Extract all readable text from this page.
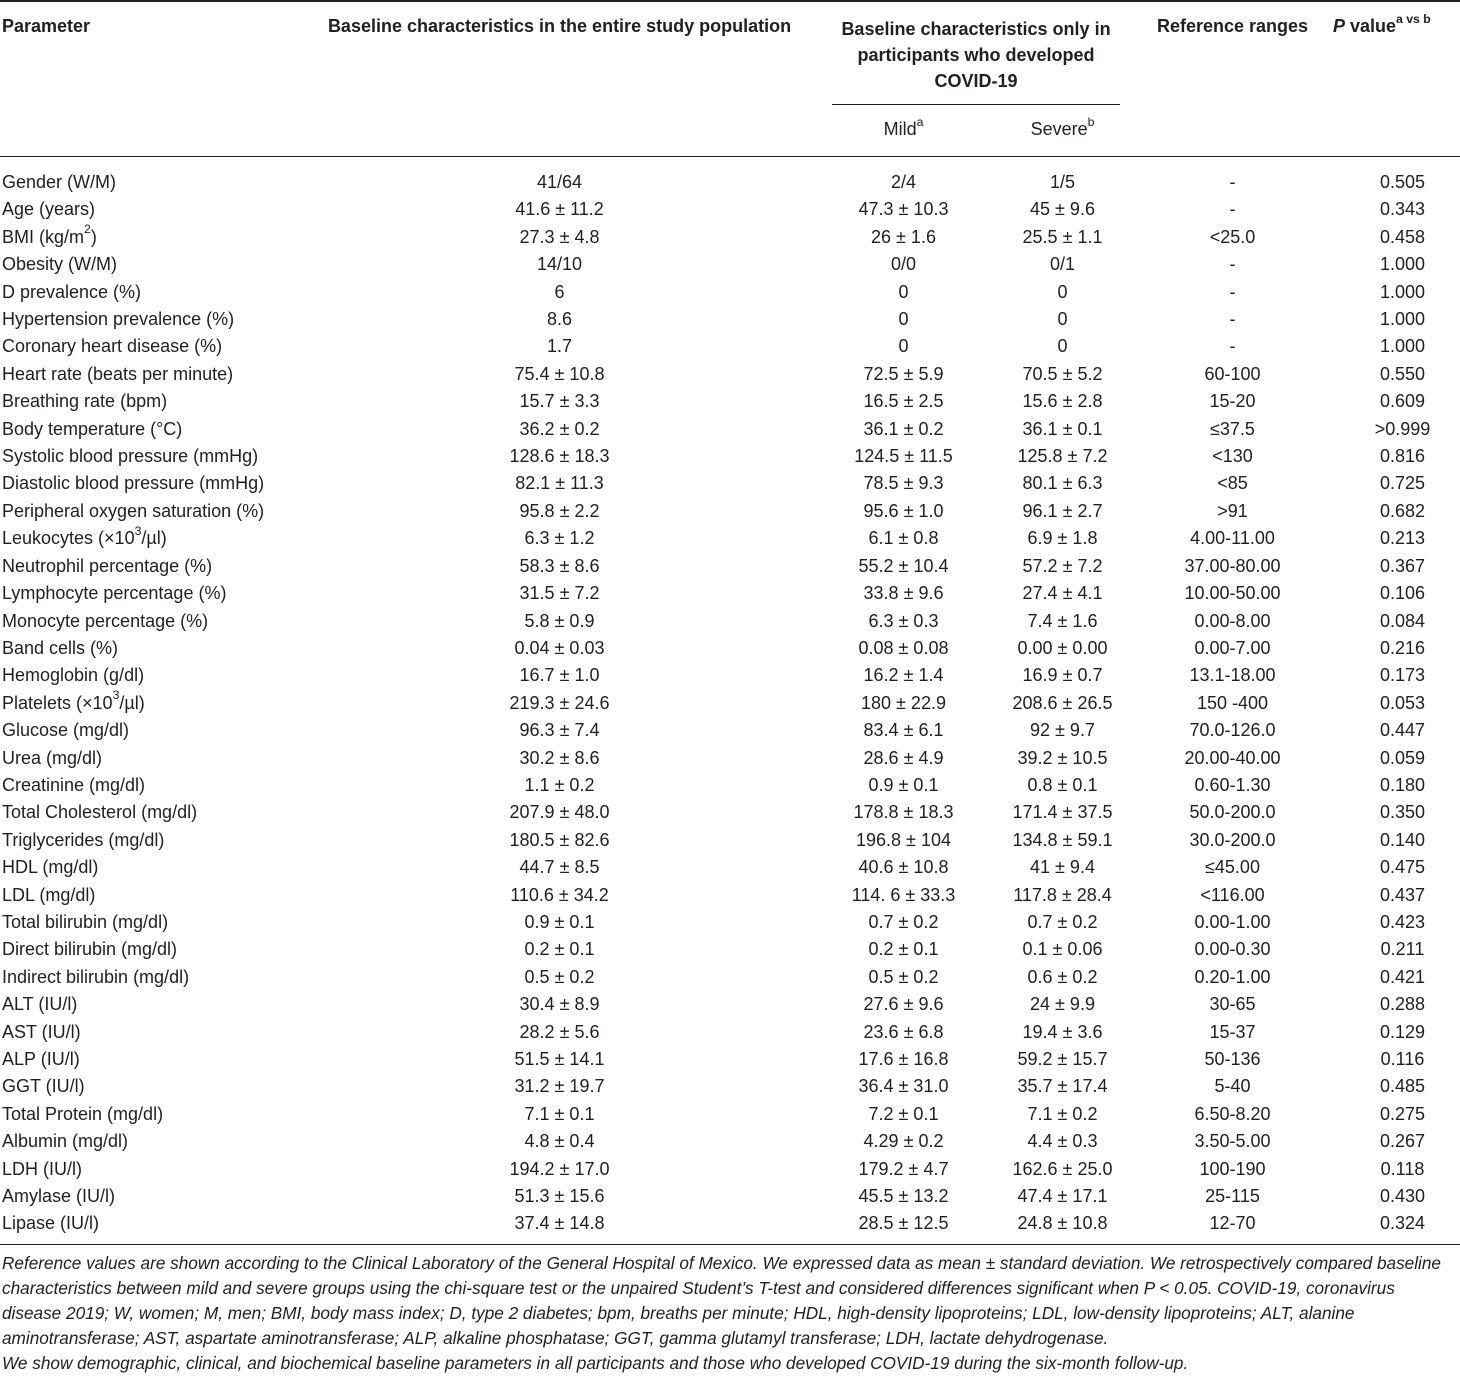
Parameter	Baseline characteristics in the entire study population	Baseline characteristics only in participants who developed COVID-19		Reference ranges	P value$^{a vs b}$
		Mild$^a$	Severe$^b$
Gender (W/M)	41/64	2/4	1/5	-	0.505
Age (years)	41.6 ± 11.2	47.3 ± 10.3	45 ± 9.6	-	0.343
BMI $(kg/m^2)$	27.3 ± 4.8	26 ± 1.6	25.5 ± 1.1	<25.0	0.458
Obesity (W/M)	14/10	0/0	0/1	-	1.000
D prevalence (%)	6	0	0	-	1.000
Hypertension prevalence (%)	8.6	0	0	-	1.000
Coronary heart disease (%)	1.7	0	0	-	1.000
Heart rate (beats per minute)	75.4 ± 10.8	72.5 ± 5.9	70.5 ± 5.2	60-100	0.550
Breathing rate (bpm)	15.7 ± 3.3	16.5 ± 2.5	15.6 ± 2.8	15-20	0.609
Body temperature (°C)	36.2 ± 0.2	36.1 ± 0.2	36.1 ± 0.1	≤37.5	>0.999
Systolic blood pressure (mmHg)	128.6 ± 18.3	124.5 ± 11.5	125.8 ± 7.2	<130	0.816
Diastolic blood pressure (mmHg)	82.1 ± 11.3	78.5 ± 9.3	80.1 ± 6.3	<85	0.725
Peripheral oxygen saturation (%)	95.8 ± 2.2	95.6 ± 1.0	96.1 ± 2.7	>91	0.682
Leukocytes $(\times 10^3/\mu l)$	6.3 ± 1.2	6.1 ± 0.8	6.9 ± 1.8	4.00-11.00	0.213
Neutrophil percentage (%)	58.3 ± 8.6	55.2 ± 10.4	57.2 ± 7.2	37.00-80.00	0.367
Lymphocyte percentage (%)	31.5 ± 7.2	33.8 ± 9.6	27.4 ± 4.1	10.00-50.00	0.106
Monocyte percentage (%)	5.8 ± 0.9	6.3 ± 0.3	7.4 ± 1.6	0.00-8.00	0.084
Band cells (%)	0.04 ± 0.03	0.08 ± 0.08	0.00 ± 0.00	0.00-7.00	0.216
Hemoglobin (g/dl)	16.7 ± 1.0	16.2 ± 1.4	16.9 ± 0.7	13.1-18.00	0.173
Platelets $(\times 10^3/\mu l)$	219.3 ± 24.6	180 ± 22.9	208.6 ± 26.5	150 -400	0.053
Glucose (mg/dl)	96.3 ± 7.4	83.4 ± 6.1	92 ± 9.7	70.0-126.0	0.447
Urea (mg/dl)	30.2 ± 8.6	28.6 ± 4.9	39.2 ± 10.5	20.00-40.00	0.059
Creatinine (mg/dl)	1.1 ± 0.2	0.9 ± 0.1	0.8 ± 0.1	0.60-1.30	0.180
Total Cholesterol (mg/dl)	207.9 ± 48.0	178.8 ± 18.3	171.4 ± 37.5	50.0-200.0	0.350
Triglycerides (mg/dl)	180.5 ± 82.6	196.8 ± 104	134.8 ± 59.1	30.0-200.0	0.140
HDL (mg/dl)	44.7 ± 8.5	40.6 ± 10.8	41 ± 9.4	≤45.00	0.475
LDL (mg/dl)	110.6 ± 34.2	114. 6 ± 33.3	117.8 ± 28.4	<116.00	0.437
Total bilirubin (mg/dl)	0.9 ± 0.1	0.7 ± 0.2	0.7 ± 0.2	0.00-1.00	0.423
Direct bilirubin (mg/dl)	0.2 ± 0.1	0.2 ± 0.1	0.1 ± 0.06	0.00-0.30	0.211
Indirect bilirubin (mg/dl)	0.5 ± 0.2	0.5 ± 0.2	0.6 ± 0.2	0.20-1.00	0.421
ALT (IU/l)	30.4 ± 8.9	27.6 ± 9.6	24 ± 9.9	30-65	0.288
AST (IU/l)	28.2 ± 5.6	23.6 ± 6.8	19.4 ± 3.6	15-37	0.129
ALP (IU/l)	51.5 ± 14.1	17.6 ± 16.8	59.2 ± 15.7	50-136	0.116
GGT (IU/l)	31.2 ± 19.7	36.4 ± 31.0	35.7 ± 17.4	5-40	0.485
Total Protein (mg/dl)	7.1 ± 0.1	7.2 ± 0.1	7.1 ± 0.2	6.50-8.20	0.275
Albumin (mg/dl)	4.8 ± 0.4	4.29 ± 0.2	4.4 ± 0.3	3.50-5.00	0.267
LDH (IU/l)	194.2 ± 17.0	179.2 ± 4.7	162.6 ± 25.0	100-190	0.118
Amylase (IU/l)	51.3 ± 15.6	45.5 ± 13.2	47.4 ± 17.1	25-115	0.430
Lipase (IU/l)	37.4 ± 14.8	28.5 ± 12.5	24.8 ± 10.8	12-70	0.324

Reference values are shown according to the Clinical Laboratory of the General Hospital of Mexico. We expressed data as mean ± standard deviation. We retrospectively compared baseline characteristics between mild and severe groups using the chi-square test or the unpaired Student’s T-test and considered differences significant when P < 0.05. COVID-19, coronavirus disease 2019; W, women; M, men; BMI, body mass index; D, type 2 diabetes; bpm, breaths per minute; HDL, high-density lipoproteins; LDL, low-density lipoproteins; ALT, alanine aminotransferase; AST, aspartate aminotransferase; ALP, alkaline phosphatase; GGT, gamma glutamyl transferase; LDH, lactate dehydrogenase.

We show demographic, clinical, and biochemical baseline parameters in all participants and those who developed COVID-19 during the six-month follow-up.
